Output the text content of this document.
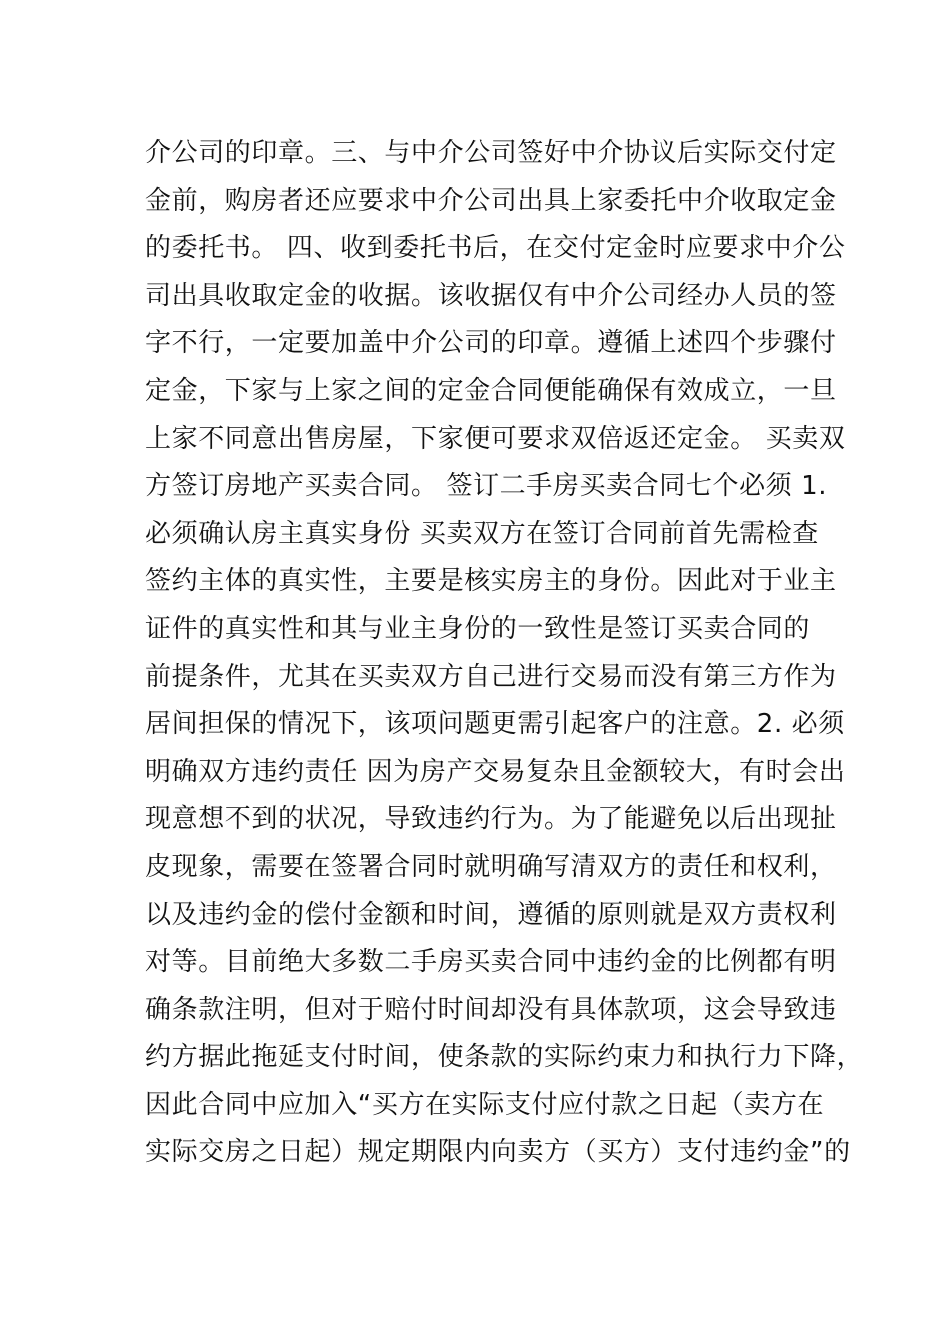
介公司的印章。三、与中介公司签好中介协议后实际交付定
金前，购房者还应要求中介公司出具上家委托中介收取定金
的委托书。 四、收到委托书后，在交付定金时应要求中介公
司出具收取定金的收据。该收据仅有中介公司经办人员的签
字不行，一定要加盖中介公司的印章。遵循上述四个步骤付
定金，下家与上家之间的定金合同便能确保有效成立，一旦
上家不同意出售房屋，下家便可要求双倍返还定金。 买卖双
方签订房地产买卖合同。 签订二手房买卖合同七个必须 1.
必须确认房主真实身份 买卖双方在签订合同前首先需检查
签约主体的真实性，主要是核实房主的身份。因此对于业主
证件的真实性和其与业主身份的一致性是签订买卖合同的
前提条件，尤其在买卖双方自己进行交易而没有第三方作为
居间担保的情况下，该项问题更需引起客户的注意。2. 必须
明确双方违约责任 因为房产交易复杂且金额较大，有时会出
现意想不到的状况，导致违约行为。为了能避免以后出现扯
皮现象，需要在签署合同时就明确写清双方的责任和权利，
以及违约金的偿付金额和时间，遵循的原则就是双方责权利
对等。目前绝大多数二手房买卖合同中违约金的比例都有明
确条款注明，但对于赔付时间却没有具体款项，这会导致违
约方据此拖延支付时间，使条款的实际约束力和执行力下降，
因此合同中应加入“买方在实际支付应付款之日起（卖方在
实际交房之日起）规定期限内向卖方（买方）支付违约金”的
